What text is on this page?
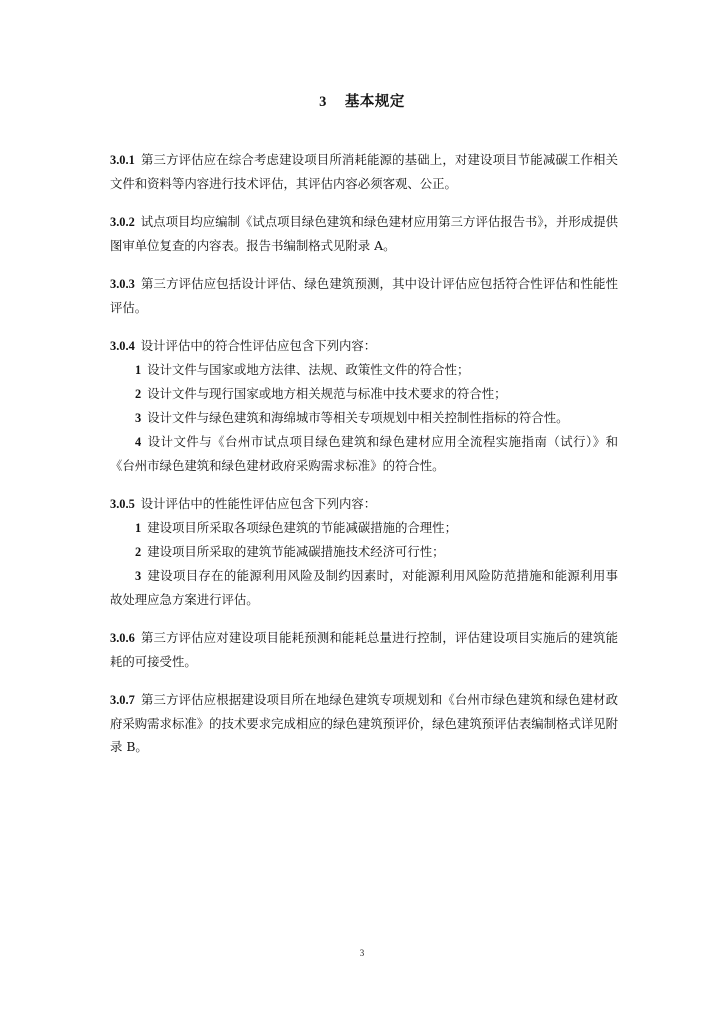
3 基本规定
3.0.1 第三方评估应在综合考虑建设项目所消耗能源的基础上，对建设项目节能减碳工作相关文件和资料等内容进行技术评估，其评估内容必须客观、公正。
3.0.2 试点项目均应编制《试点项目绿色建筑和绿色建材应用第三方评估报告书》，并形成提供图审单位复查的内容表。报告书编制格式见附录 A。
3.0.3 第三方评估应包括设计评估、绿色建筑预测，其中设计评估应包括符合性评估和性能性评估。
3.0.4 设计评估中的符合性评估应包含下列内容：
1 设计文件与国家或地方法律、法规、政策性文件的符合性；
2 设计文件与现行国家或地方相关规范与标准中技术要求的符合性；
3 设计文件与绿色建筑和海绵城市等相关专项规划中相关控制性指标的符合性。
4 设计文件与《台州市试点项目绿色建筑和绿色建材应用全流程实施指南（试行）》和《台州市绿色建筑和绿色建材政府采购需求标准》的符合性。
3.0.5 设计评估中的性能性评估应包含下列内容：
1 建设项目所采取各项绿色建筑的节能减碳措施的合理性；
2 建设项目所采取的建筑节能减碳措施技术经济可行性；
3 建设项目存在的能源利用风险及制约因素时，对能源利用风险防范措施和能源利用事故处理应急方案进行评估。
3.0.6 第三方评估应对建设项目能耗预测和能耗总量进行控制，评估建设项目实施后的建筑能耗的可接受性。
3.0.7 第三方评估应根据建设项目所在地绿色建筑专项规划和《台州市绿色建筑和绿色建材政府采购需求标准》的技术要求完成相应的绿色建筑预评价，绿色建筑预评估表编制格式详见附录 B。
3
